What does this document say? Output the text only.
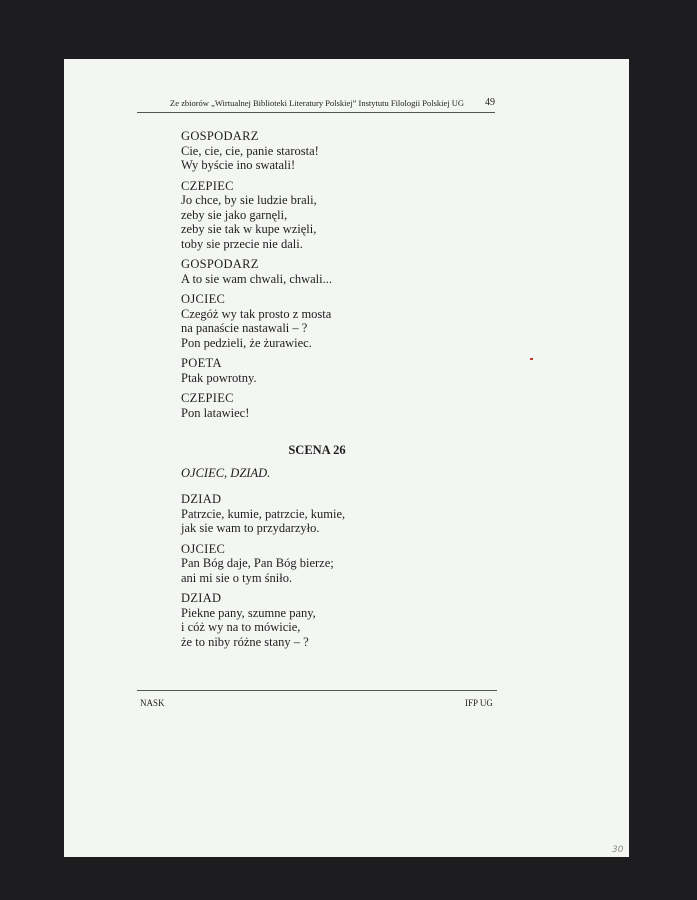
Ze zbiorów „Wirtualnej Biblioteki Literatury Polskiej” Instytutu Filologii Polskiej UG 49
GOSPODARZ
Cie, cie, cie, panie starosta!
Wy byście ino swatali!
CZEPIEC
Jo chce, by sie ludzie brali,
zeby sie jako garnęli,
zeby sie tak w kupe wzięli,
toby sie przecie nie dali.
GOSPODARZ
A to sie wam chwali, chwali...
OJCIEC
Czegóż wy tak prosto z mosta
na panaście nastawali – ?
Pon pedzieli, że żurawiec.
POETA
Ptak powrotny.
CZEPIEC
Pon latawiec!
SCENA 26
OJCIEC, DZIAD.
DZIAD
Patrzcie, kumie, patrzcie, kumie,
jak sie wam to przydarzyło.
OJCIEC
Pan Bóg daje, Pan Bóg bierze;
ani mi sie o tym śniło.
DZIAD
Piekne pany, szumne pany,
i cóż wy na to mówicie,
że to niby różne stany – ?
NASK	IFP UG
30
